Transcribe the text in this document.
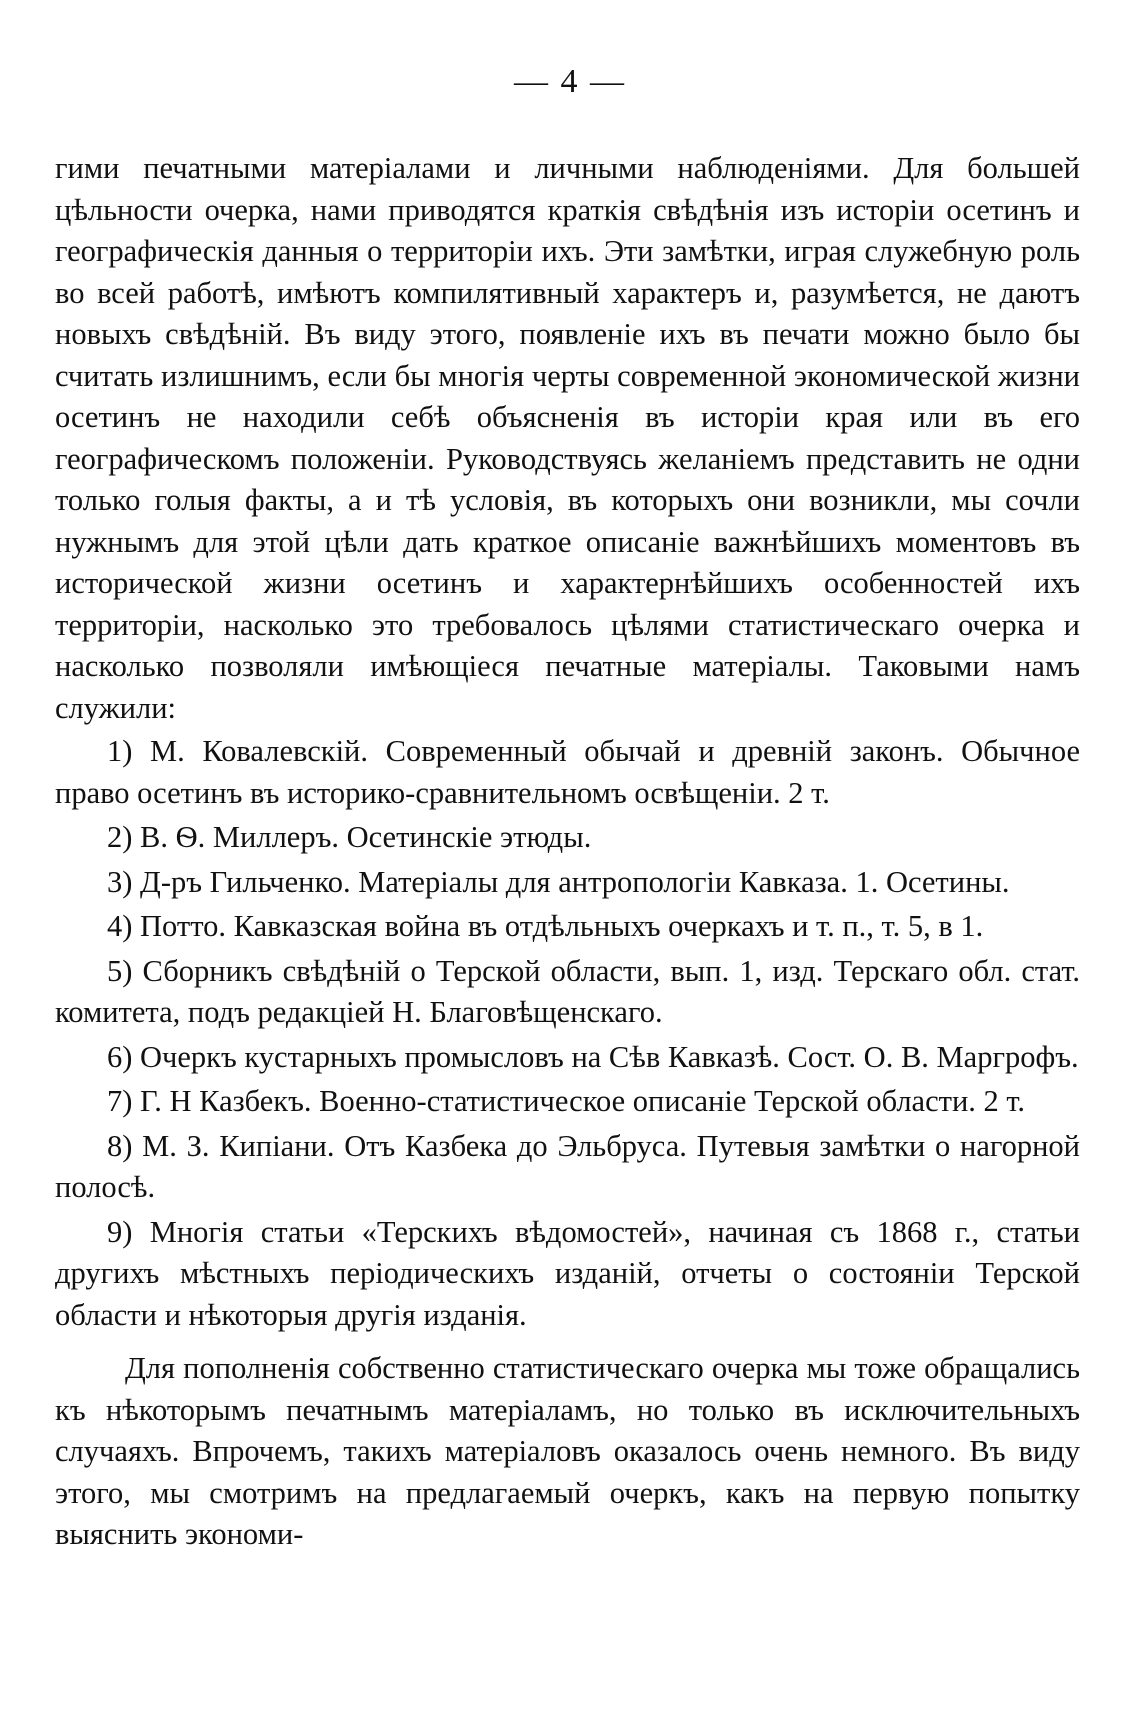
— 4 —

гими печатными матеріалами и личными наблюденіями. Для большей цѣльности очерка, нами приводятся краткія свѣдѣнія изъ исторіи осетинъ и географическія данныя о территоріи ихъ. Эти замѣтки, играя служебную роль во всей работѣ, имѣютъ компилятивный характеръ и, разумѣется, не даютъ новыхъ свѣдѣній. Въ виду этого, появленіе ихъ въ печати можно было бы считать излишнимъ, если бы многія черты современной экономической жизни осетинъ не находили себѣ объясненія въ исторіи края или въ его географическомъ положеніи. Руководствуясь желаніемъ представить не одни только голыя факты, а и тѣ условія, въ которыхъ они возникли, мы сочли нужнымъ для этой цѣли дать краткое описаніе важнѣйшихъ моментовъ въ исторической жизни осетинъ и характернѣйшихъ особенностей ихъ территоріи, насколько это требовалось цѣлями статистическаго очерка и насколько позволяли имѣющіеся печатные матеріалы. Таковыми намъ служили:

1) М. Ковалевскій. Современный обычай и древній законъ. Обычное право осетинъ въ историко-сравнительномъ освѣщеніи. 2 т.
2) В. Ѳ. Миллеръ. Осетинскіе этюды.
3) Д-ръ Гильченко. Матеріалы для антропологіи Кавказа. 1. Осетины.
4) Потто. Кавказская война въ отдѣльныхъ очеркахъ и т. п., т. 5, в 1.
5) Сборникъ свѣдѣній о Терской области, вып. 1, изд. Терскаго обл. стат. комитета, подъ редакціей Н. Благовѣщенскаго.
6) Очеркъ кустарныхъ промысловъ на Сѣв Кавказѣ. Сост. О. В. Маргрофъ.
7) Г. Н Казбекъ. Военно-статистическое описаніе Терской области. 2 т.
8) М. З. Кипіани. Отъ Казбека до Эльбруса. Путевыя замѣтки о нагорной полосѣ.
9) Многія статьи «Терскихъ вѣдомостей», начиная съ 1868 г., статьи другихъ мѣстныхъ періодическихъ изданій, отчеты о состояніи Терской области и нѣкоторыя другія изданія.

Для пополненія собственно статистическаго очерка мы тоже обращались къ нѣкоторымъ печатнымъ матеріаламъ, но только въ исключительныхъ случаяхъ. Впрочемъ, такихъ матеріаловъ оказалось очень немного. Въ виду этого, мы смотримъ на предлагаемый очеркъ, какъ на первую попытку выяснить экономи-
